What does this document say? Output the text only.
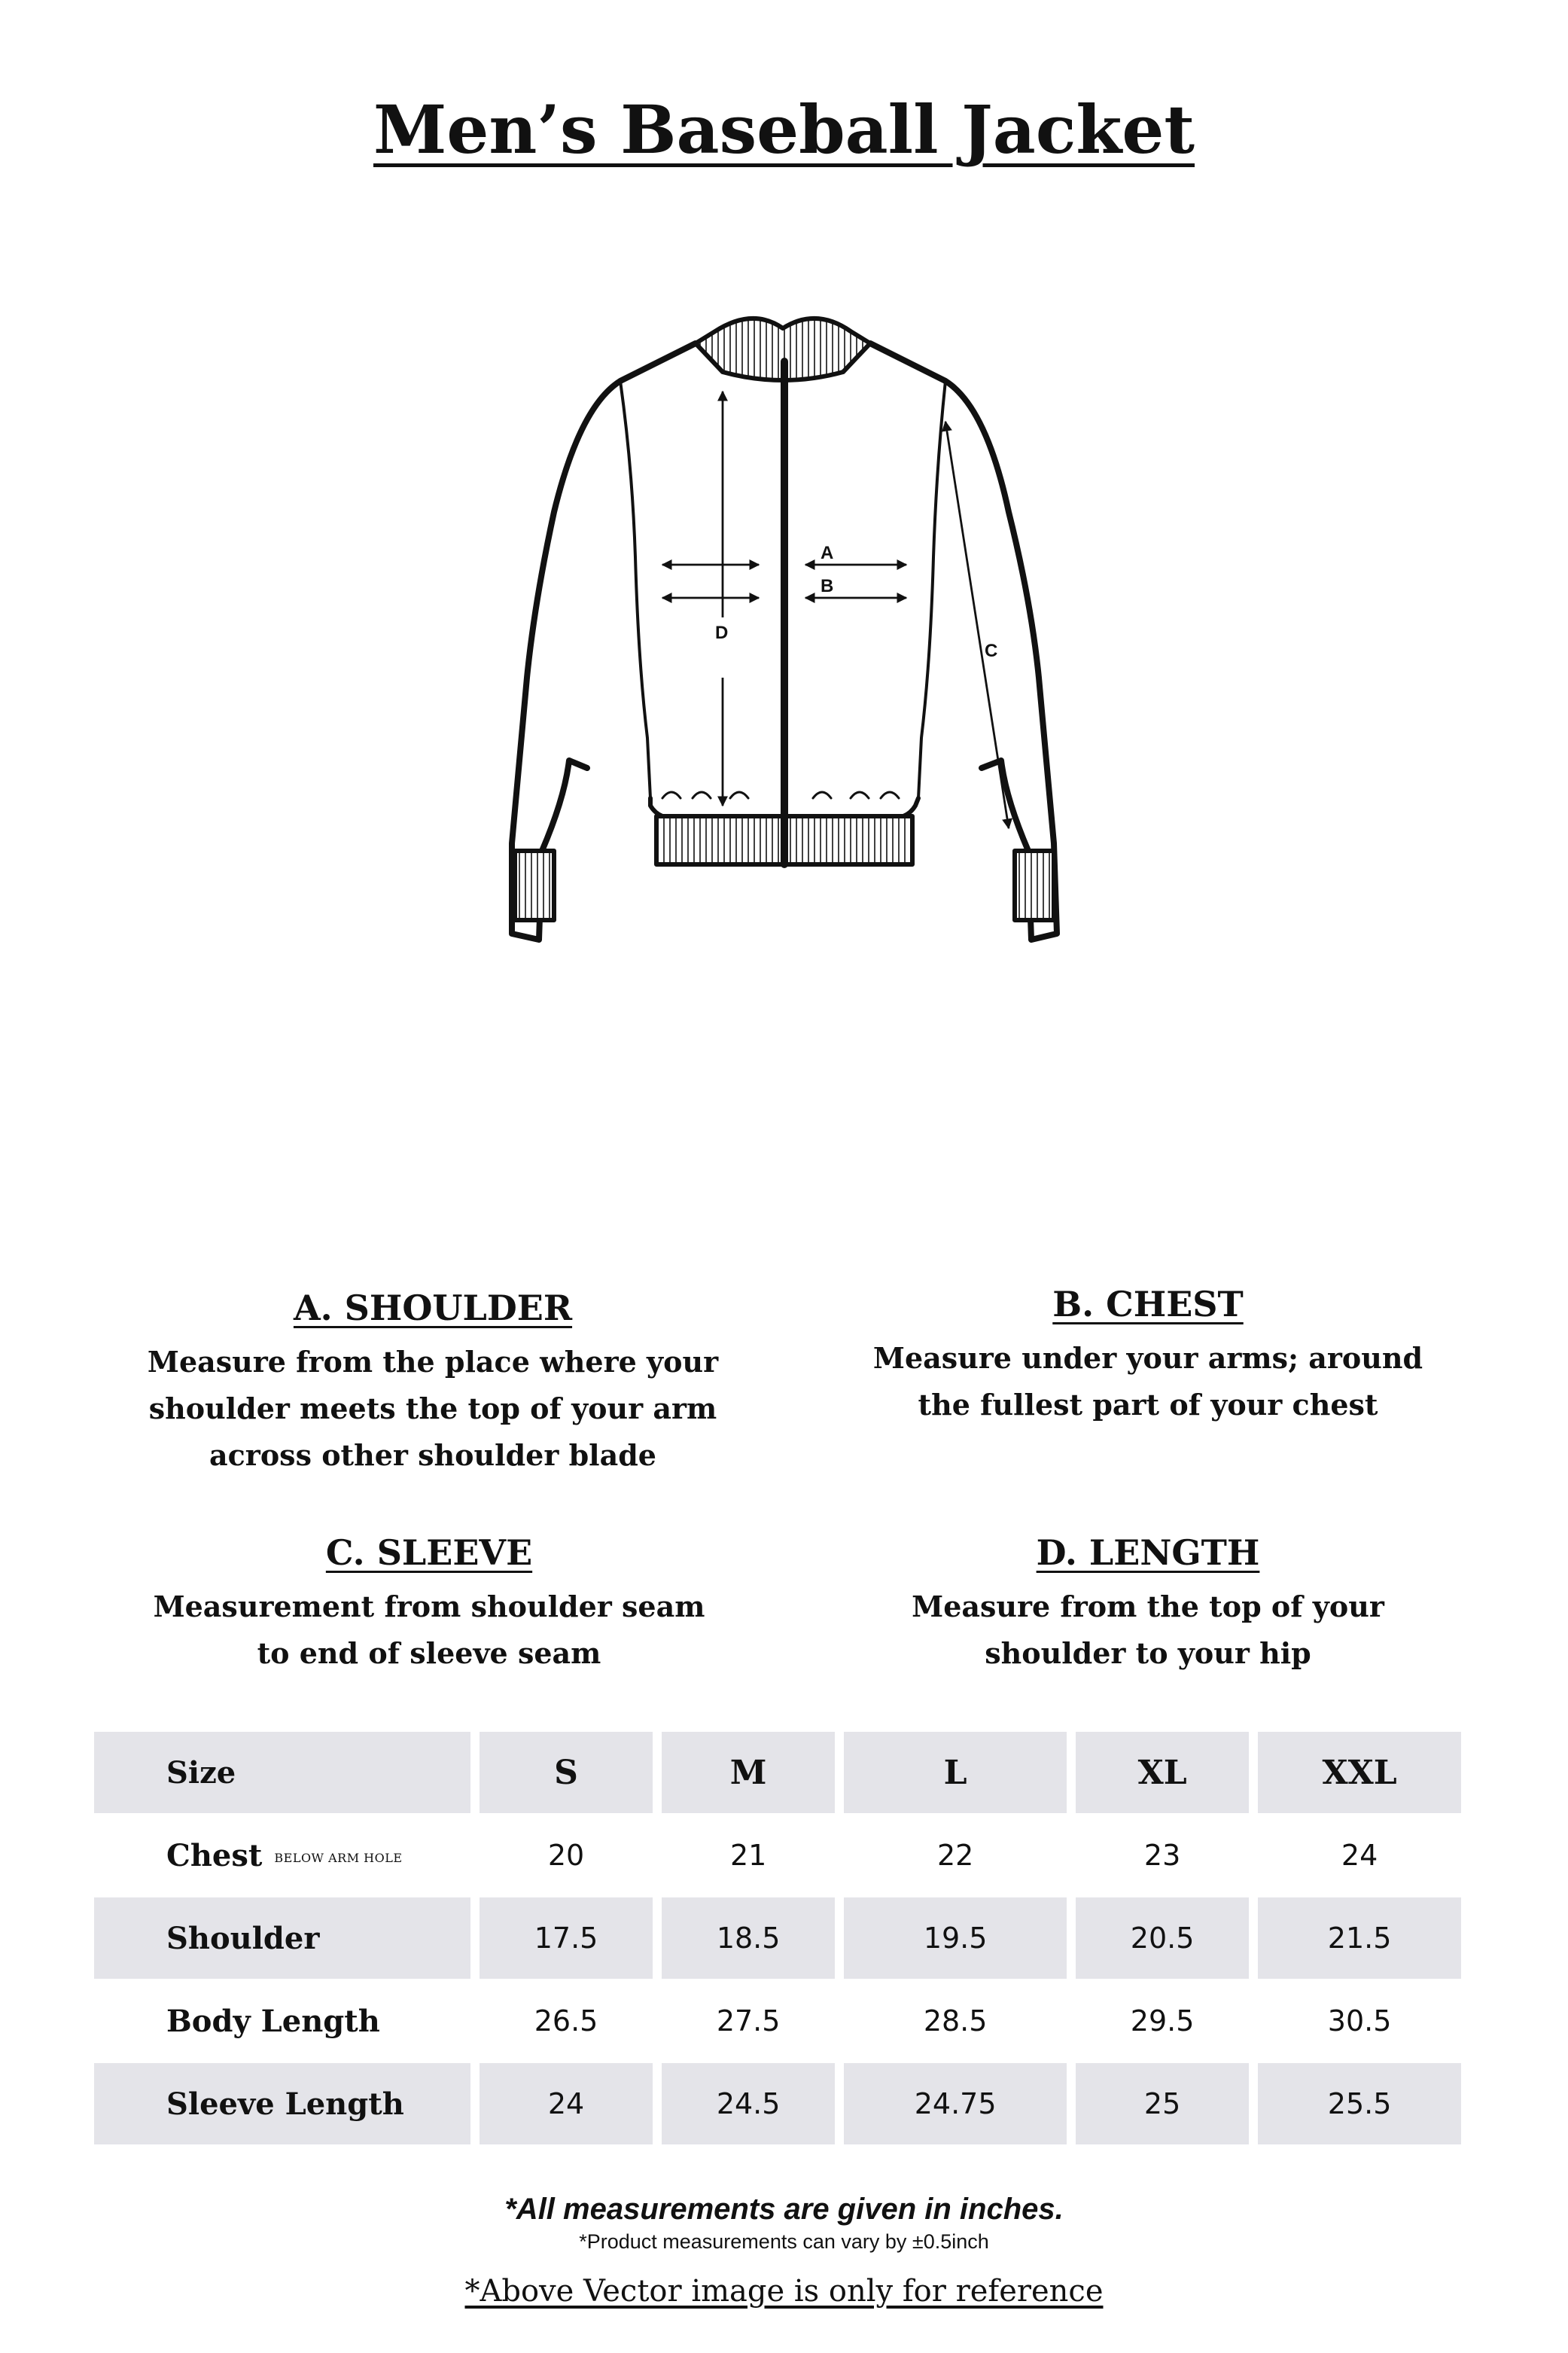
Men’s Baseball Jacket
A
B
C
D
A. SHOULDER

Measure from the place where your
shoulder meets the top of your arm
across other shoulder blade

B. CHEST

Measure under your arms; around
the fullest part of your chest

C. SLEEVE

Measurement from shoulder seam
to end of sleeve seam

D. LENGTH

Measure from the top of your
shoulder to your hip

Size	S	M	L	XL	XXL
Chest BELOW ARM HOLE	20	21	22	23	24
Shoulder	17.5	18.5	19.5	20.5	21.5
Body Length	26.5	27.5	28.5	29.5	30.5
Sleeve Length	24	24.5	24.75	25	25.5
*All measurements are given in inches.
*Product measurements can vary by ±0.5inch
*Above Vector image is only for reference
